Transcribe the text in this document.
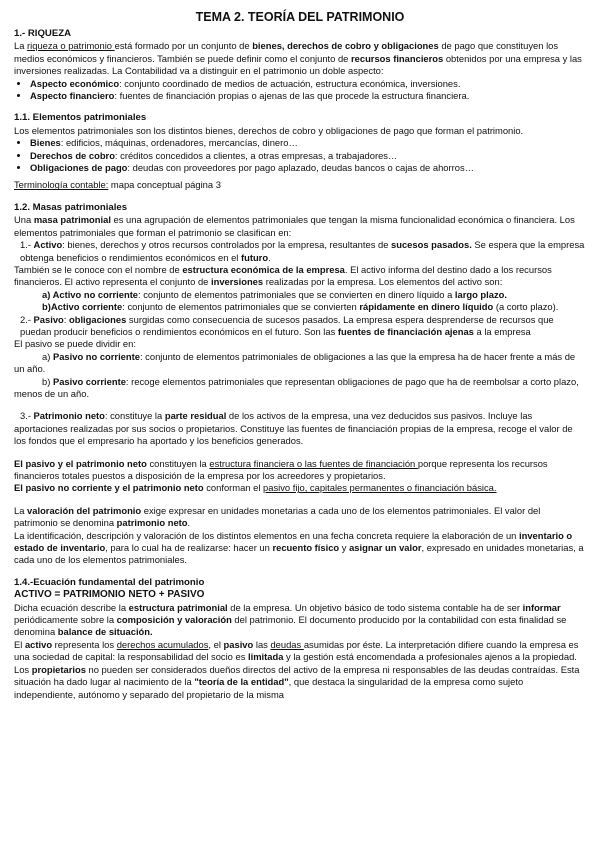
TEMA 2. TEORÍA DEL PATRIMONIO
1.- RIQUEZA

La riqueza o patrimonio está formado por un conjunto de bienes, derechos de cobro y obligaciones de pago que constituyen los medios económicos y financieros. También se puede definir como el conjunto de recursos financieros obtenidos por una empresa y las inversiones realizadas. La Contabilidad va a distinguir en el patrimonio un doble aspecto:

• Aspecto económico: conjunto coordinado de medios de actuación, estructura económica, inversiones.
• Aspecto financiero: fuentes de financiación propias o ajenas de las que procede la estructura financiera.
1.1. Elementos patrimoniales

Los elementos patrimoniales son los distintos bienes, derechos de cobro y obligaciones de pago que forman el patrimonio.

• Bienes: edificios, máquinas, ordenadores, mercancías, dinero…
• Derechos de cobro: créditos concedidos a clientes, a otras empresas, a trabajadores…
• Obligaciones de pago: deudas con proveedores por pago aplazado, deudas bancos o cajas de ahorros…

Terminología contable: mapa conceptual página 3

1.2. Masas patrimoniales

Una masa patrimonial es una agrupación de elementos patrimoniales que tengan la misma funcionalidad económica o financiera. Los elementos patrimoniales que forman el patrimonio se clasifican en:

1.- Activo: bienes, derechos y otros recursos controlados por la empresa, resultantes de sucesos pasados. Se espera que la empresa obtenga beneficios o rendimientos económicos en el futuro.

También se le conoce con el nombre de estructura económica de la empresa. El activo informa del destino dado a los recursos financieros. El activo representa el conjunto de inversiones realizadas por la empresa. Los elementos del activo son:

a) Activo no corriente: conjunto de elementos patrimoniales que se convierten en dinero líquido a largo plazo.

b)Activo corriente: conjunto de elementos patrimoniales que se convierten rápidamente en dinero líquido (a corto plazo).

2.- Pasivo: obligaciones surgidas como consecuencia de sucesos pasados. La empresa espera desprenderse de recursos que puedan producir beneficios o rendimientos económicos en el futuro. Son las fuentes de financiación ajenas a la empresa

El pasivo se puede dividir en:

a) Pasivo no corriente: conjunto de elementos patrimoniales de obligaciones a las que la empresa ha de hacer frente a más de un año.

b) Pasivo corriente: recoge elementos patrimoniales que representan obligaciones de pago que ha de reembolsar a corto plazo, menos de un año.

3.- Patrimonio neto: constituye la parte residual de los activos de la empresa, una vez deducidos sus pasivos. Incluye las aportaciones realizadas por sus socios o propietarios. Constituye las fuentes de financiación propias de la empresa, recoge el valor de los fondos que el empresario ha aportado y los beneficios generados.

El pasivo y el patrimonio neto constituyen la estructura financiera o las fuentes de financiación porque representa los recursos financieros totales puestos a disposición de la empresa por los acreedores y propietarios.

El pasivo no corriente y el patrimonio neto conforman el pasivo fijo, capitales permanentes o financiación básica.

La valoración del patrimonio exige expresar en unidades monetarias a cada uno de los elementos patrimoniales. El valor del patrimonio se denomina patrimonio neto.

La identificación, descripción y valoración de los distintos elementos en una fecha concreta requiere la elaboración de un inventario o estado de inventario, para lo cual ha de realizarse: hacer un recuento físico y asignar un valor, expresado en unidades monetarias, a cada uno de los elementos patrimoniales.

1.4.-Ecuación fundamental del patrimonio

ACTIVO = PATRIMONIO NETO + PASIVO

Dicha ecuación describe la estructura patrimonial de la empresa. Un objetivo básico de todo sistema contable ha de ser informar periódicamente sobre la composición y valoración del patrimonio. El documento producido por la contabilidad con esta finalidad se denomina balance de situación.

El activo representa los derechos acumulados, el pasivo las deudas asumidas por éste. La interpretación difiere cuando la empresa es una sociedad de capital: la responsabilidad del socio es limitada y la gestión está encomendada a profesionales ajenos a la propiedad. Los propietarios no pueden ser considerados dueños directos del activo de la empresa ni responsables de las deudas contraídas. Esta situación ha dado lugar al nacimiento de la "teoría de la entidad", que destaca la singularidad de la empresa como sujeto independiente, autónomo y separado del propietario de la misma
